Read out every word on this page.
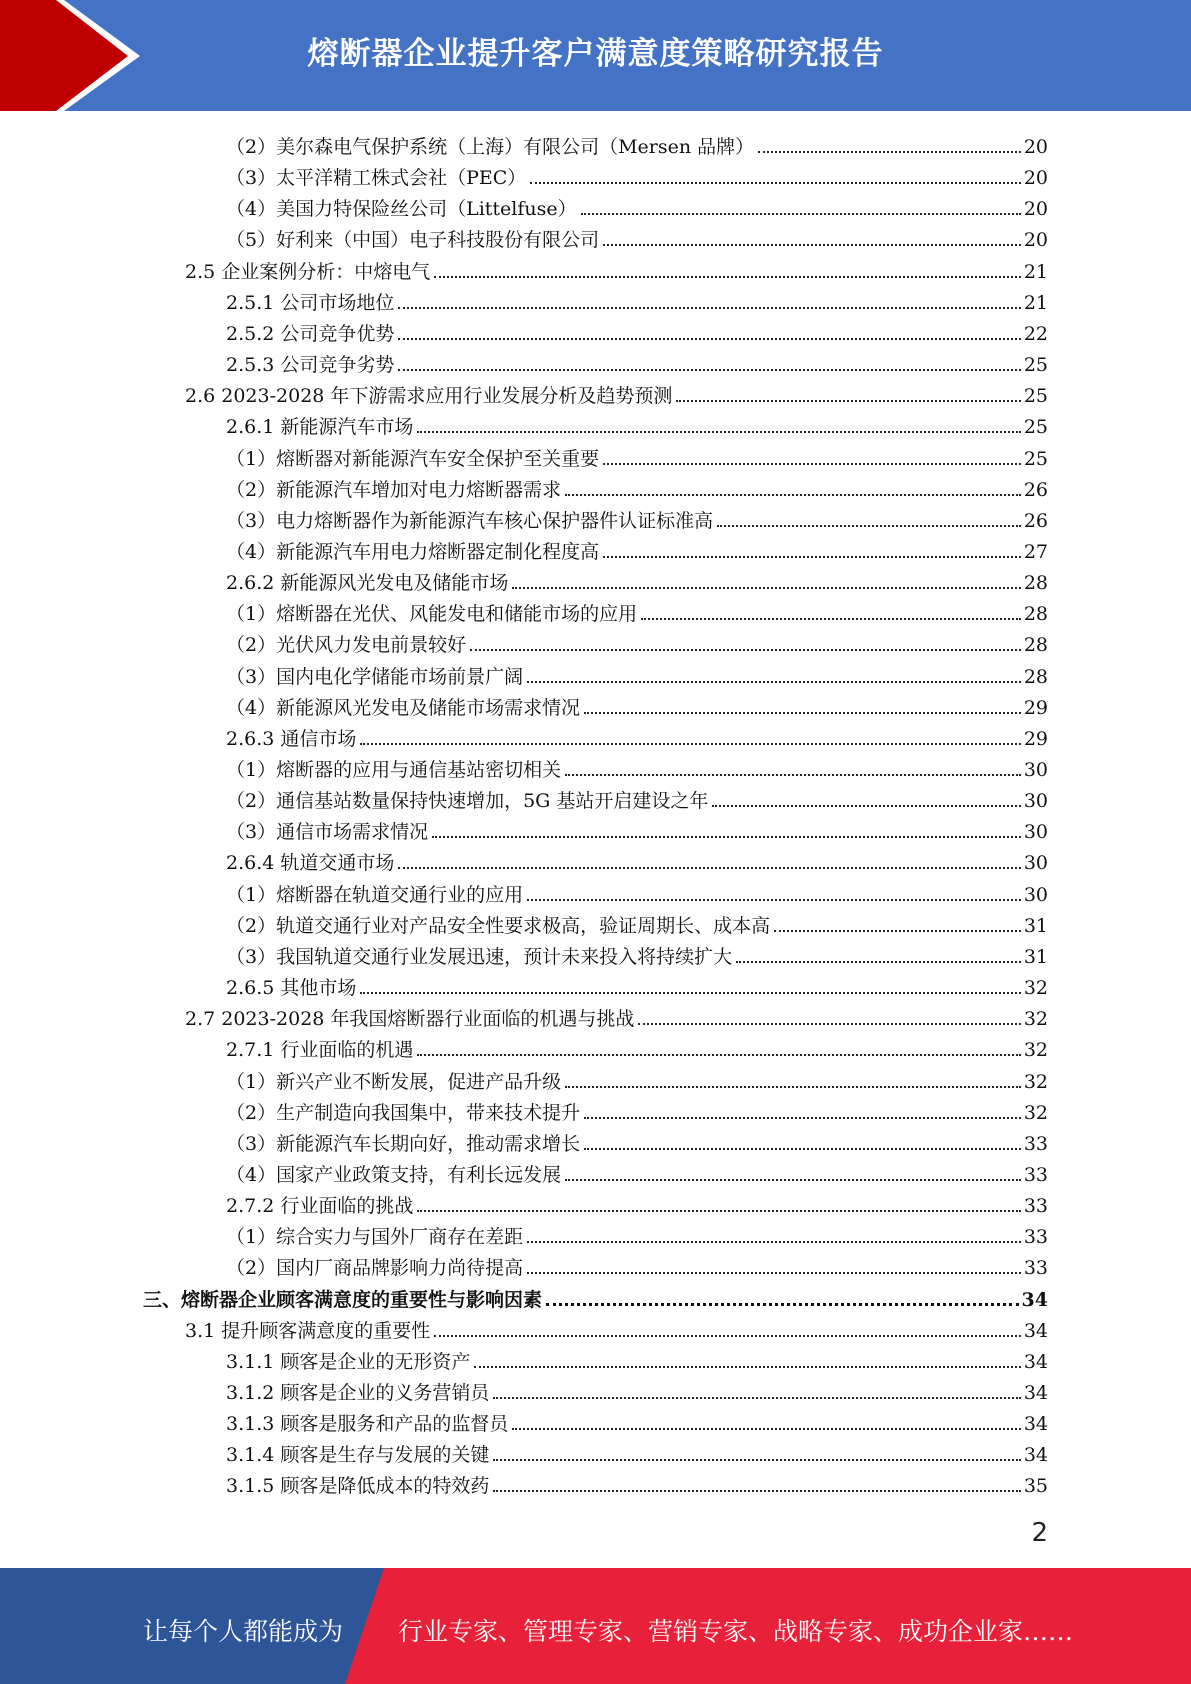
熔断器企业提升客户满意度策略研究报告
（2）美尔森电气保护系统（上海）有限公司（Mersen 品牌）	20
（3）太平洋精工株式会社（PEC）	20
（4）美国力特保险丝公司（Littelfuse）	20
（5）好利来（中国）电子科技股份有限公司	20
2.5 企业案例分析：中熔电气	21
2.5.1 公司市场地位	21
2.5.2 公司竞争优势	22
2.5.3 公司竞争劣势	25
2.6 2023-2028 年下游需求应用行业发展分析及趋势预测	25
2.6.1 新能源汽车市场	25
（1）熔断器对新能源汽车安全保护至关重要	25
（2）新能源汽车增加对电力熔断器需求	26
（3）电力熔断器作为新能源汽车核心保护器件认证标准高	26
（4）新能源汽车用电力熔断器定制化程度高	27
2.6.2 新能源风光发电及储能市场	28
（1）熔断器在光伏、风能发电和储能市场的应用	28
（2）光伏风力发电前景较好	28
（3）国内电化学储能市场前景广阔	28
（4）新能源风光发电及储能市场需求情况	29
2.6.3 通信市场	29
（1）熔断器的应用与通信基站密切相关	30
（2）通信基站数量保持快速增加，5G 基站开启建设之年	30
（3）通信市场需求情况	30
2.6.4 轨道交通市场	30
（1）熔断器在轨道交通行业的应用	30
（2）轨道交通行业对产品安全性要求极高，验证周期长、成本高	31
（3）我国轨道交通行业发展迅速，预计未来投入将持续扩大	31
2.6.5 其他市场	32
2.7 2023-2028 年我国熔断器行业面临的机遇与挑战	32
2.7.1 行业面临的机遇	32
（1）新兴产业不断发展，促进产品升级	32
（2）生产制造向我国集中，带来技术提升	32
（3）新能源汽车长期向好，推动需求增长	33
（4）国家产业政策支持，有利长远发展	33
2.7.2 行业面临的挑战	33
（1）综合实力与国外厂商存在差距	33
（2）国内厂商品牌影响力尚待提高	33
三、熔断器企业顾客满意度的重要性与影响因素	34
3.1 提升顾客满意度的重要性	34
3.1.1 顾客是企业的无形资产	34
3.1.2 顾客是企业的义务营销员	34
3.1.3 顾客是服务和产品的监督员	34
3.1.4 顾客是生存与发展的关键	34
3.1.5 顾客是降低成本的特效药	35
2
让每个人都能成为 行业专家、管理专家、营销专家、战略专家、成功企业家……
